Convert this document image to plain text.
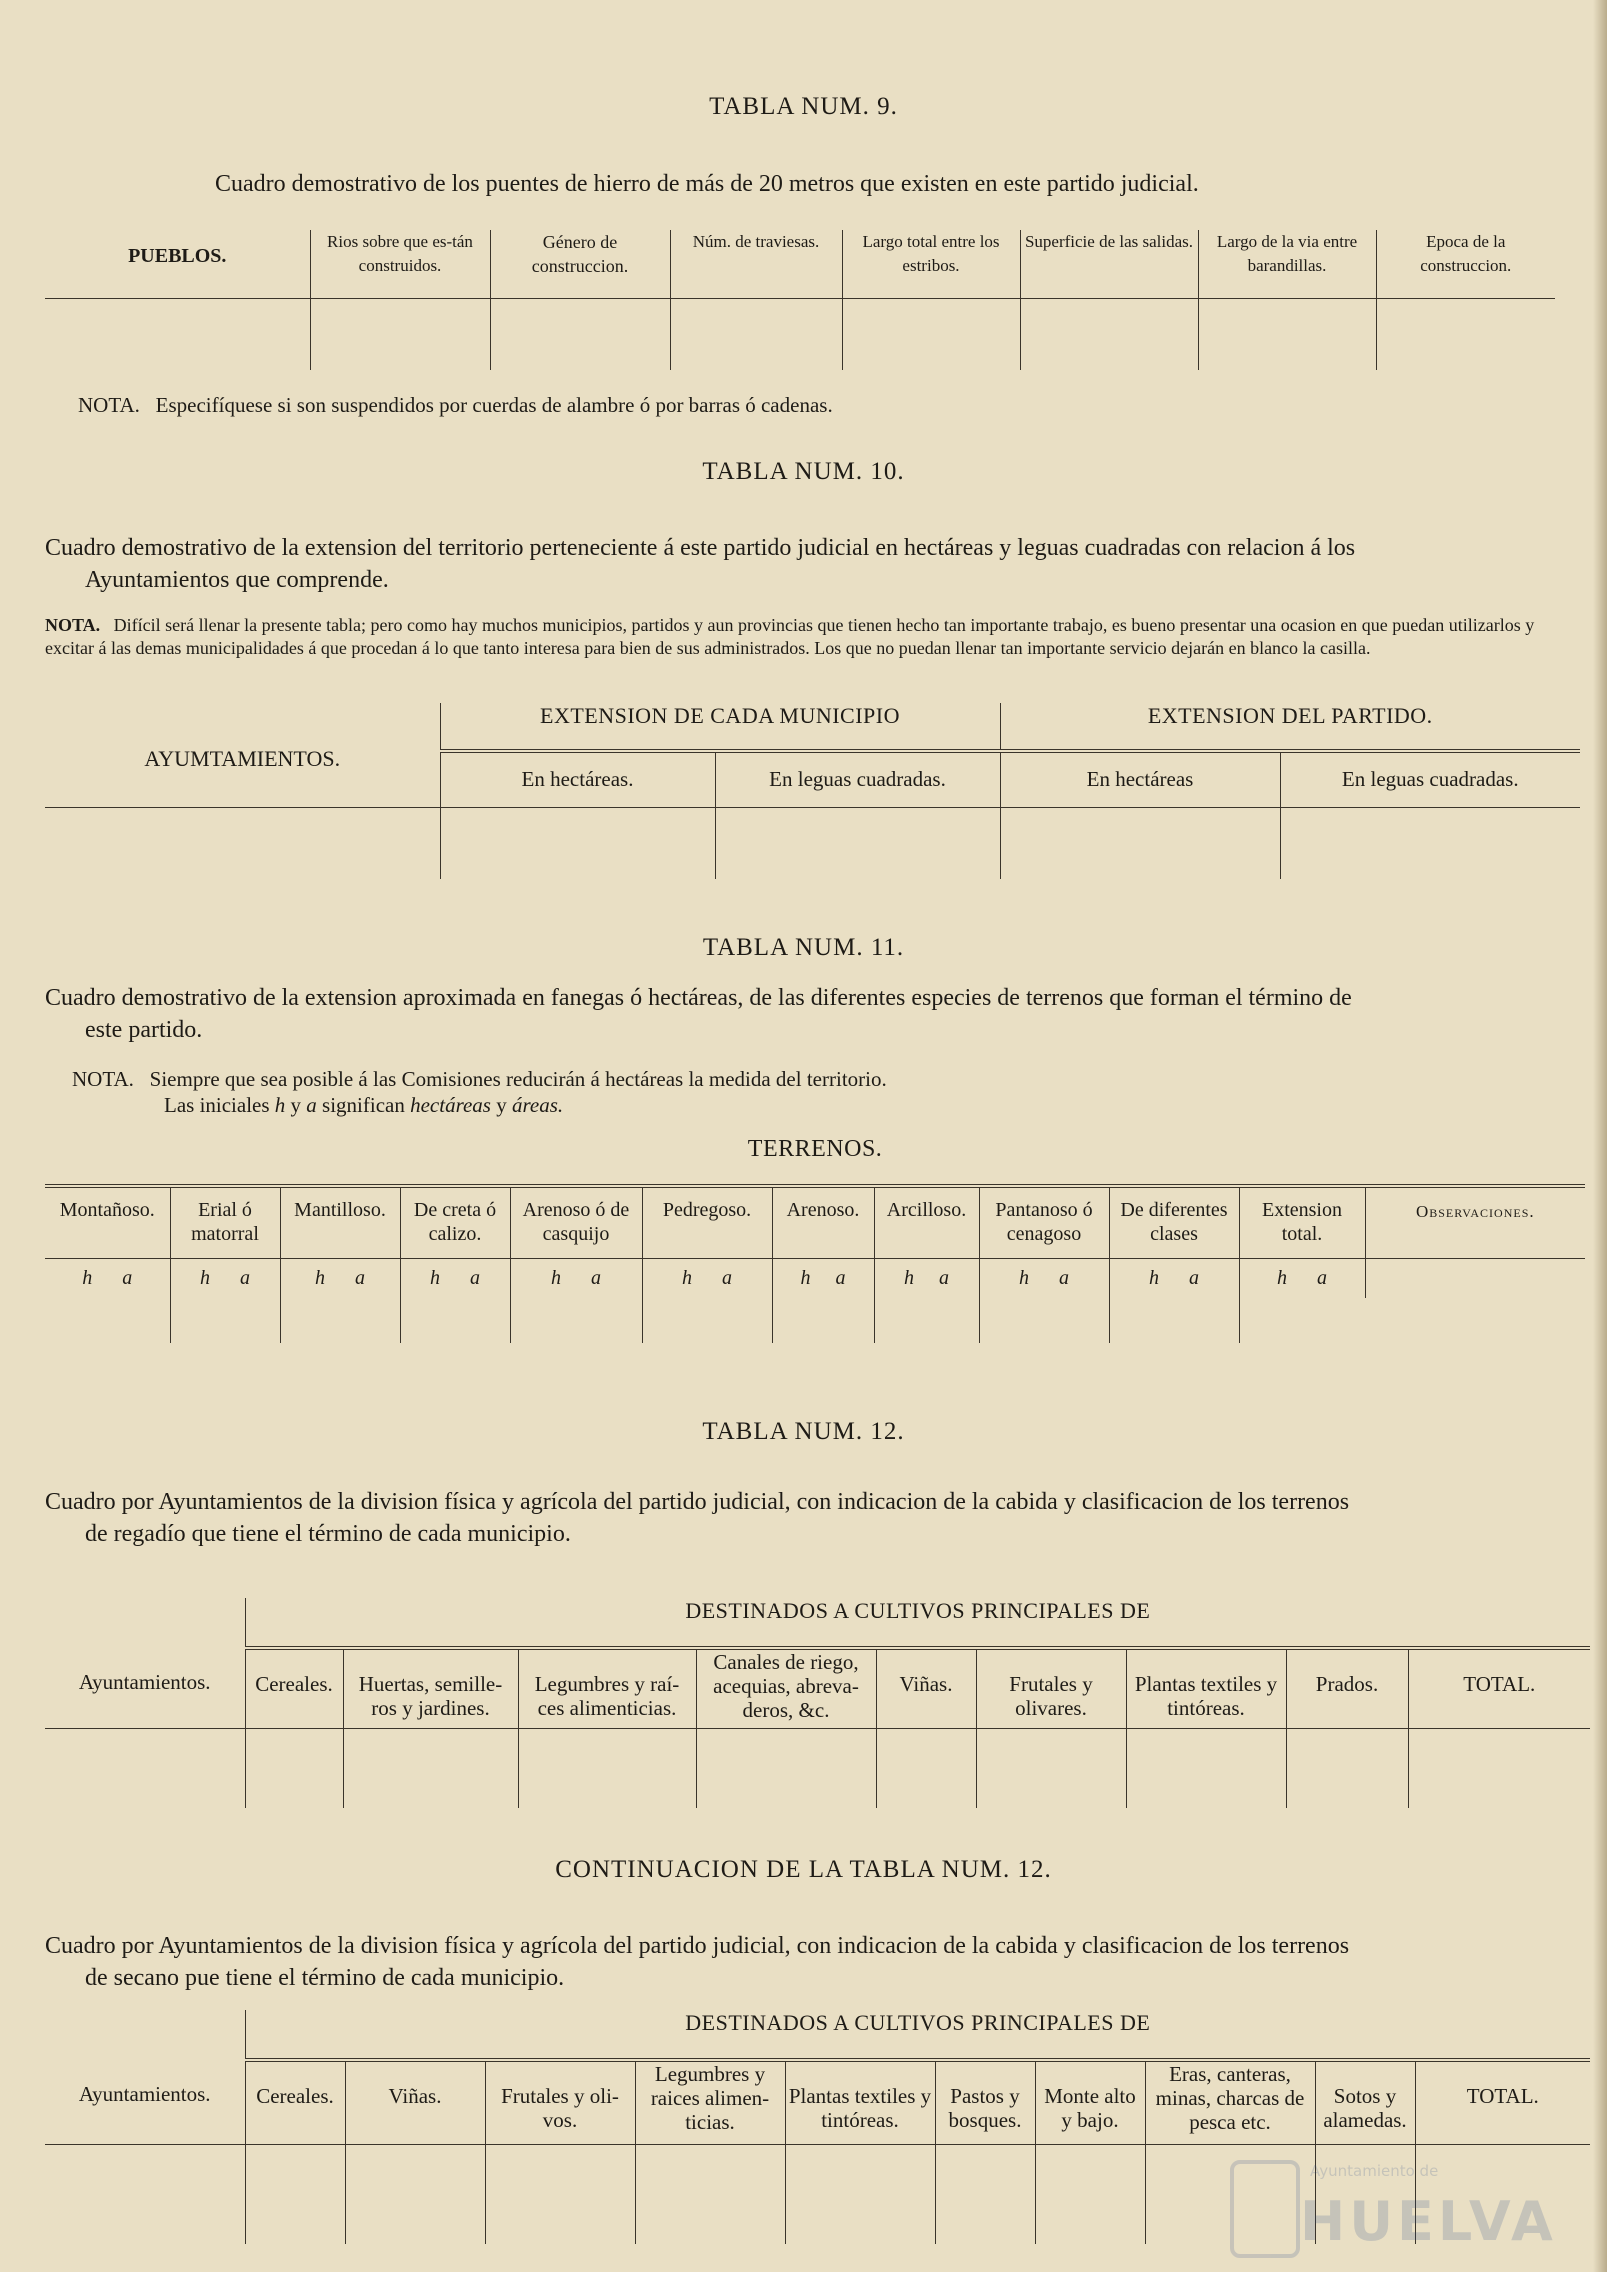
TABLA NUM. 9.
Cuadro demostrativo de los puentes de hierro de más de 20 metros que existen en este partido judicial.
PUEBLOS.	Rios sobre que es-tán construidos.	Género de construccion.	Núm. de traviesas.	Largo total entre los estribos.	Superficie de las salidas.	Largo de la via entre barandillas.	Epoca de la construccion.

NOTA. Especifíquese si son suspendidos por cuerdas de alambre ó por barras ó cadenas.
TABLA NUM. 10.
Cuadro demostrativo de la extension del territorio perteneciente á este partido judicial en hectáreas y leguas cuadradas con relacion á los
Ayuntamientos que comprende.
NOTA. Difícil será llenar la presente tabla; pero como hay muchos municipios, partidos y aun provincias que tienen hecho tan importante trabajo, es bueno presentar una ocasion en que puedan utilizarlos y excitar á las demas municipalidades á que procedan á lo que tanto interesa para bien de sus administrados. Los que no puedan llenar tan importante servicio dejarán en blanco la casilla.
AYUMTAMIENTOS.	EXTENSION DE CADA MUNICIPIO		EXTENSION DEL PARTIDO.	
	En hectáreas.	En leguas cuadradas.	En hectáreas	En leguas cuadradas.

TABLA NUM. 11.
Cuadro demostrativo de la extension aproximada en fanegas ó hectáreas, de las diferentes especies de terrenos que forman el término de
este partido.
NOTA. Siempre que sea posible á las Comisiones reducirán á hectáreas la medida del territorio.
Las iniciales h y a significan hectáreas y áreas.
TERRENOS.											
Montañoso.	Erial ó matorral	Mantilloso.	De creta ó calizo.	Arenoso ó de casquijo	Pedregoso.	Arenoso.	Arcilloso.	Pantanoso ó cenagoso	De diferentes clases	Extension total.	Observaciones.
h a	h a	h a	h a	h a	h a	h a	h a	h a	h a	h a	

TABLA NUM. 12.
Cuadro por Ayuntamientos de la division física y agrícola del partido judicial, con indicacion de la cabida y clasificacion de los terrenos
de regadío que tiene el término de cada municipio.
Ayuntamientos.	DESTINADOS A CULTIVOS PRINCIPALES DE								
	Cereales.	Huertas, semille-ros y jardines.	Legumbres y raí-ces alimenticias.	Canales de riego, acequias, abreva-deros, &c.	Viñas.	Frutales y olivares.	Plantas textiles y tintóreas.	Prados.	TOTAL.

CONTINUACION DE LA TABLA NUM. 12.
Cuadro por Ayuntamientos de la division física y agrícola del partido judicial, con indicacion de la cabida y clasificacion de los terrenos
de secano pue tiene el término de cada municipio.
Ayuntamientos.	DESTINADOS A CULTIVOS PRINCIPALES DE									
	Cereales.	Viñas.	Frutales y oli-vos.	Legumbres y raices alimen-ticias.	Plantas textiles y tintóreas.	Pastos y bosques.	Monte alto y bajo.	Eras, canteras, minas, charcas de pesca etc.	Sotos y alamedas.	TOTAL.

Ayuntamiento de
HUELVA
